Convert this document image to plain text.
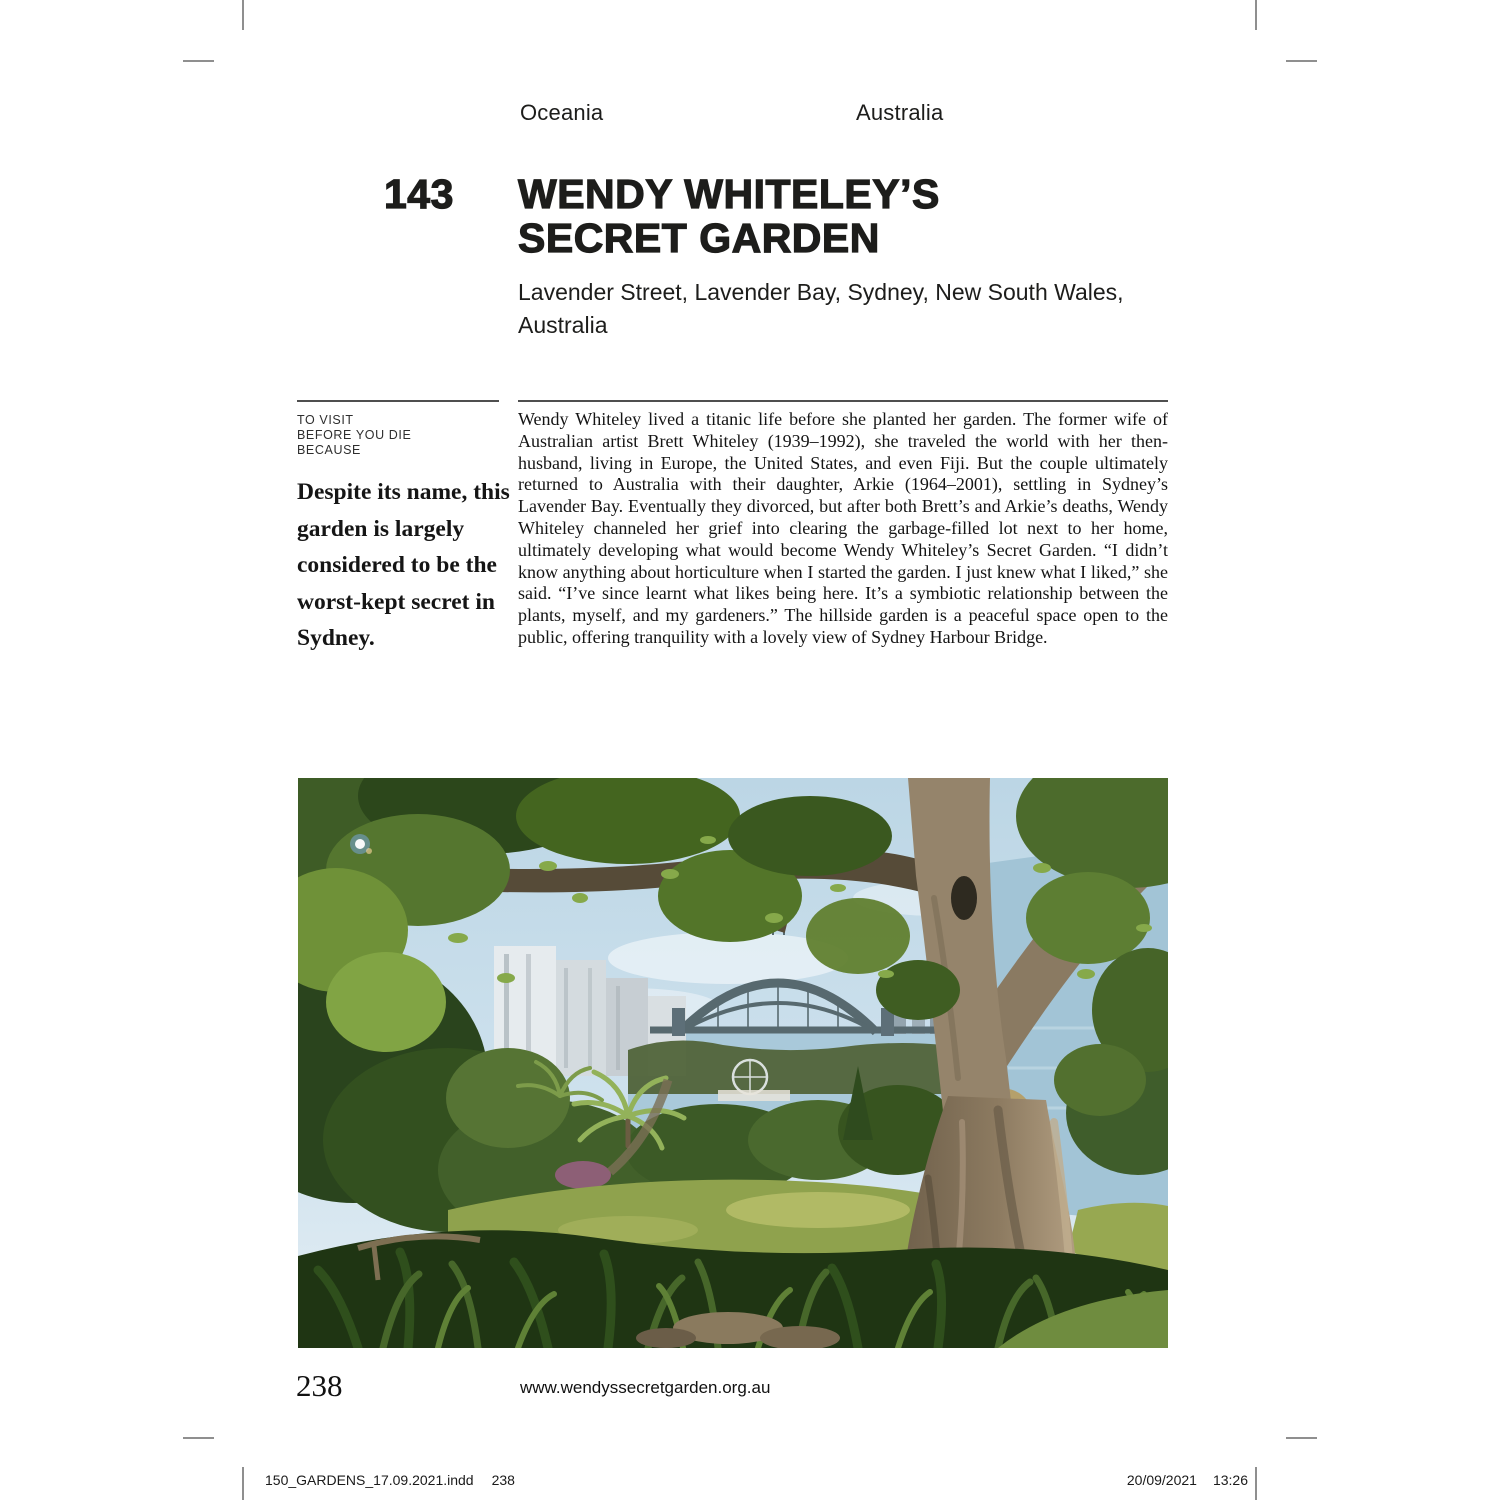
Oceania	Australia
143 WENDY WHITELEY’S
SECRET GARDEN
Lavender Street, Lavender Bay, Sydney, New South Wales, Australia
TO VISIT
BEFORE YOU DIE
BECAUSE
Despite its name, this garden is largely considered to be the worst-kept secret in Sydney.
Wendy Whiteley lived a titanic life before she planted her garden. The former wife of Australian artist Brett Whiteley (1939–1992), she traveled the world with her then-husband, living in Europe, the United States, and even Fiji. But the couple ultimately returned to Australia with their daughter, Arkie (1964–2001), settling in Sydney’s Lavender Bay. Eventually they divorced, but after both Brett’s and Arkie’s deaths, Wendy Whiteley channeled her grief into clearing the garbage-filled lot next to her home, ultimately developing what would become Wendy Whiteley’s Secret Garden. “I didn’t know anything about horticulture when I started the garden. I just knew what I liked,” she said. “I’ve since learnt what likes being here. It’s a symbiotic relationship between the plants, myself, and my gardeners.” The hillside garden is a peaceful space open to the public, offering tranquility with a lovely view of Sydney Harbour Bridge.
238	www.wendyssecretgarden.org.au
150_GARDENS_17.09.2021.indd 238	20/09/2021 13:26
